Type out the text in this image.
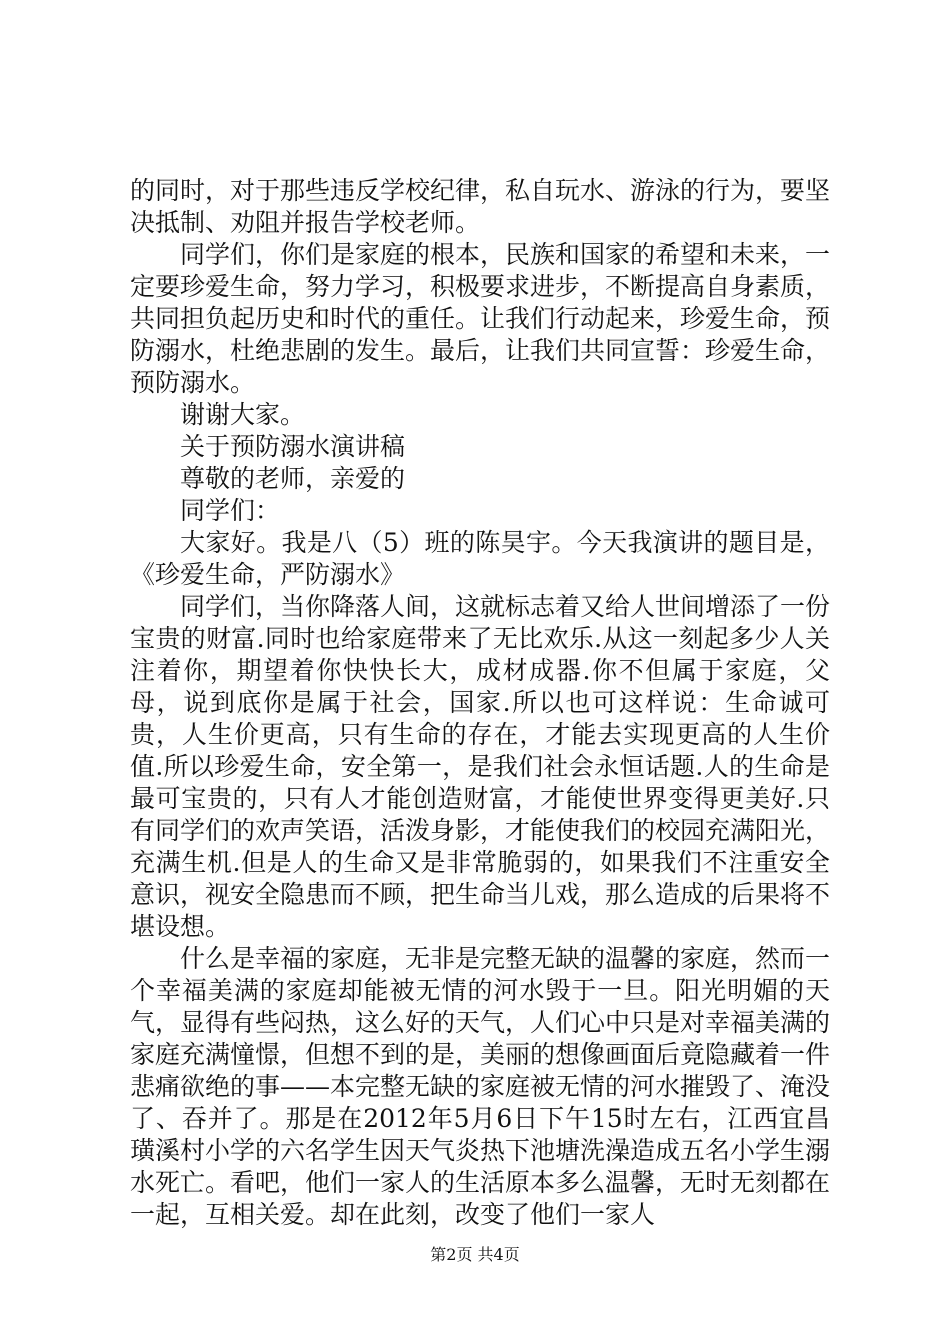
的同时，对于那些违反学校纪律，私自玩水、游泳的行为，要坚决抵制、劝阻并报告学校老师。

同学们，你们是家庭的根本，民族和国家的希望和未来，一定要珍爱生命，努力学习，积极要求进步，不断提高自身素质，共同担负起历史和时代的重任。让我们行动起来，珍爱生命，预防溺水，杜绝悲剧的发生。最后，让我们共同宣誓：珍爱生命，预防溺水。

谢谢大家。

关于预防溺水演讲稿

尊敬的老师，亲爱的

同学们：

大家好。我是八（5）班的陈昊宇。今天我演讲的题目是，《珍爱生命，严防溺水》

同学们，当你降落人间，这就标志着又给人世间增添了一份宝贵的财富.同时也给家庭带来了无比欢乐.从这一刻起多少人关注着你，期望着你快快长大，成材成器.你不但属于家庭，父母，说到底你是属于社会，国家.所以也可这样说：生命诚可贵，人生价更高，只有生命的存在，才能去实现更高的人生价值.所以珍爱生命，安全第一，是我们社会永恒话题.人的生命是最可宝贵的，只有人才能创造财富，才能使世界变得更美好.只有同学们的欢声笑语，活泼身影，才能使我们的校园充满阳光，充满生机.但是人的生命又是非常脆弱的，如果我们不注重安全意识，视安全隐患而不顾，把生命当儿戏，那么造成的后果将不堪设想。

什么是幸福的家庭，无非是完整无缺的温馨的家庭，然而一个幸福美满的家庭却能被无情的河水毁于一旦。阳光明媚的天气，显得有些闷热，这么好的天气，人们心中只是对幸福美满的家庭充满憧憬，但想不到的是，美丽的想像画面后竟隐藏着一件悲痛欲绝的事——本完整无缺的家庭被无情的河水摧毁了、淹没了、吞并了。那是在2012年5月6日下午15时左右，江西宜昌璜溪村小学的六名学生因天气炎热下池塘洗澡造成五名小学生溺水死亡。看吧，他们一家人的生活原本多么温馨，无时无刻都在一起，互相关爱。却在此刻，改变了他们一家人

第2页 共4页
